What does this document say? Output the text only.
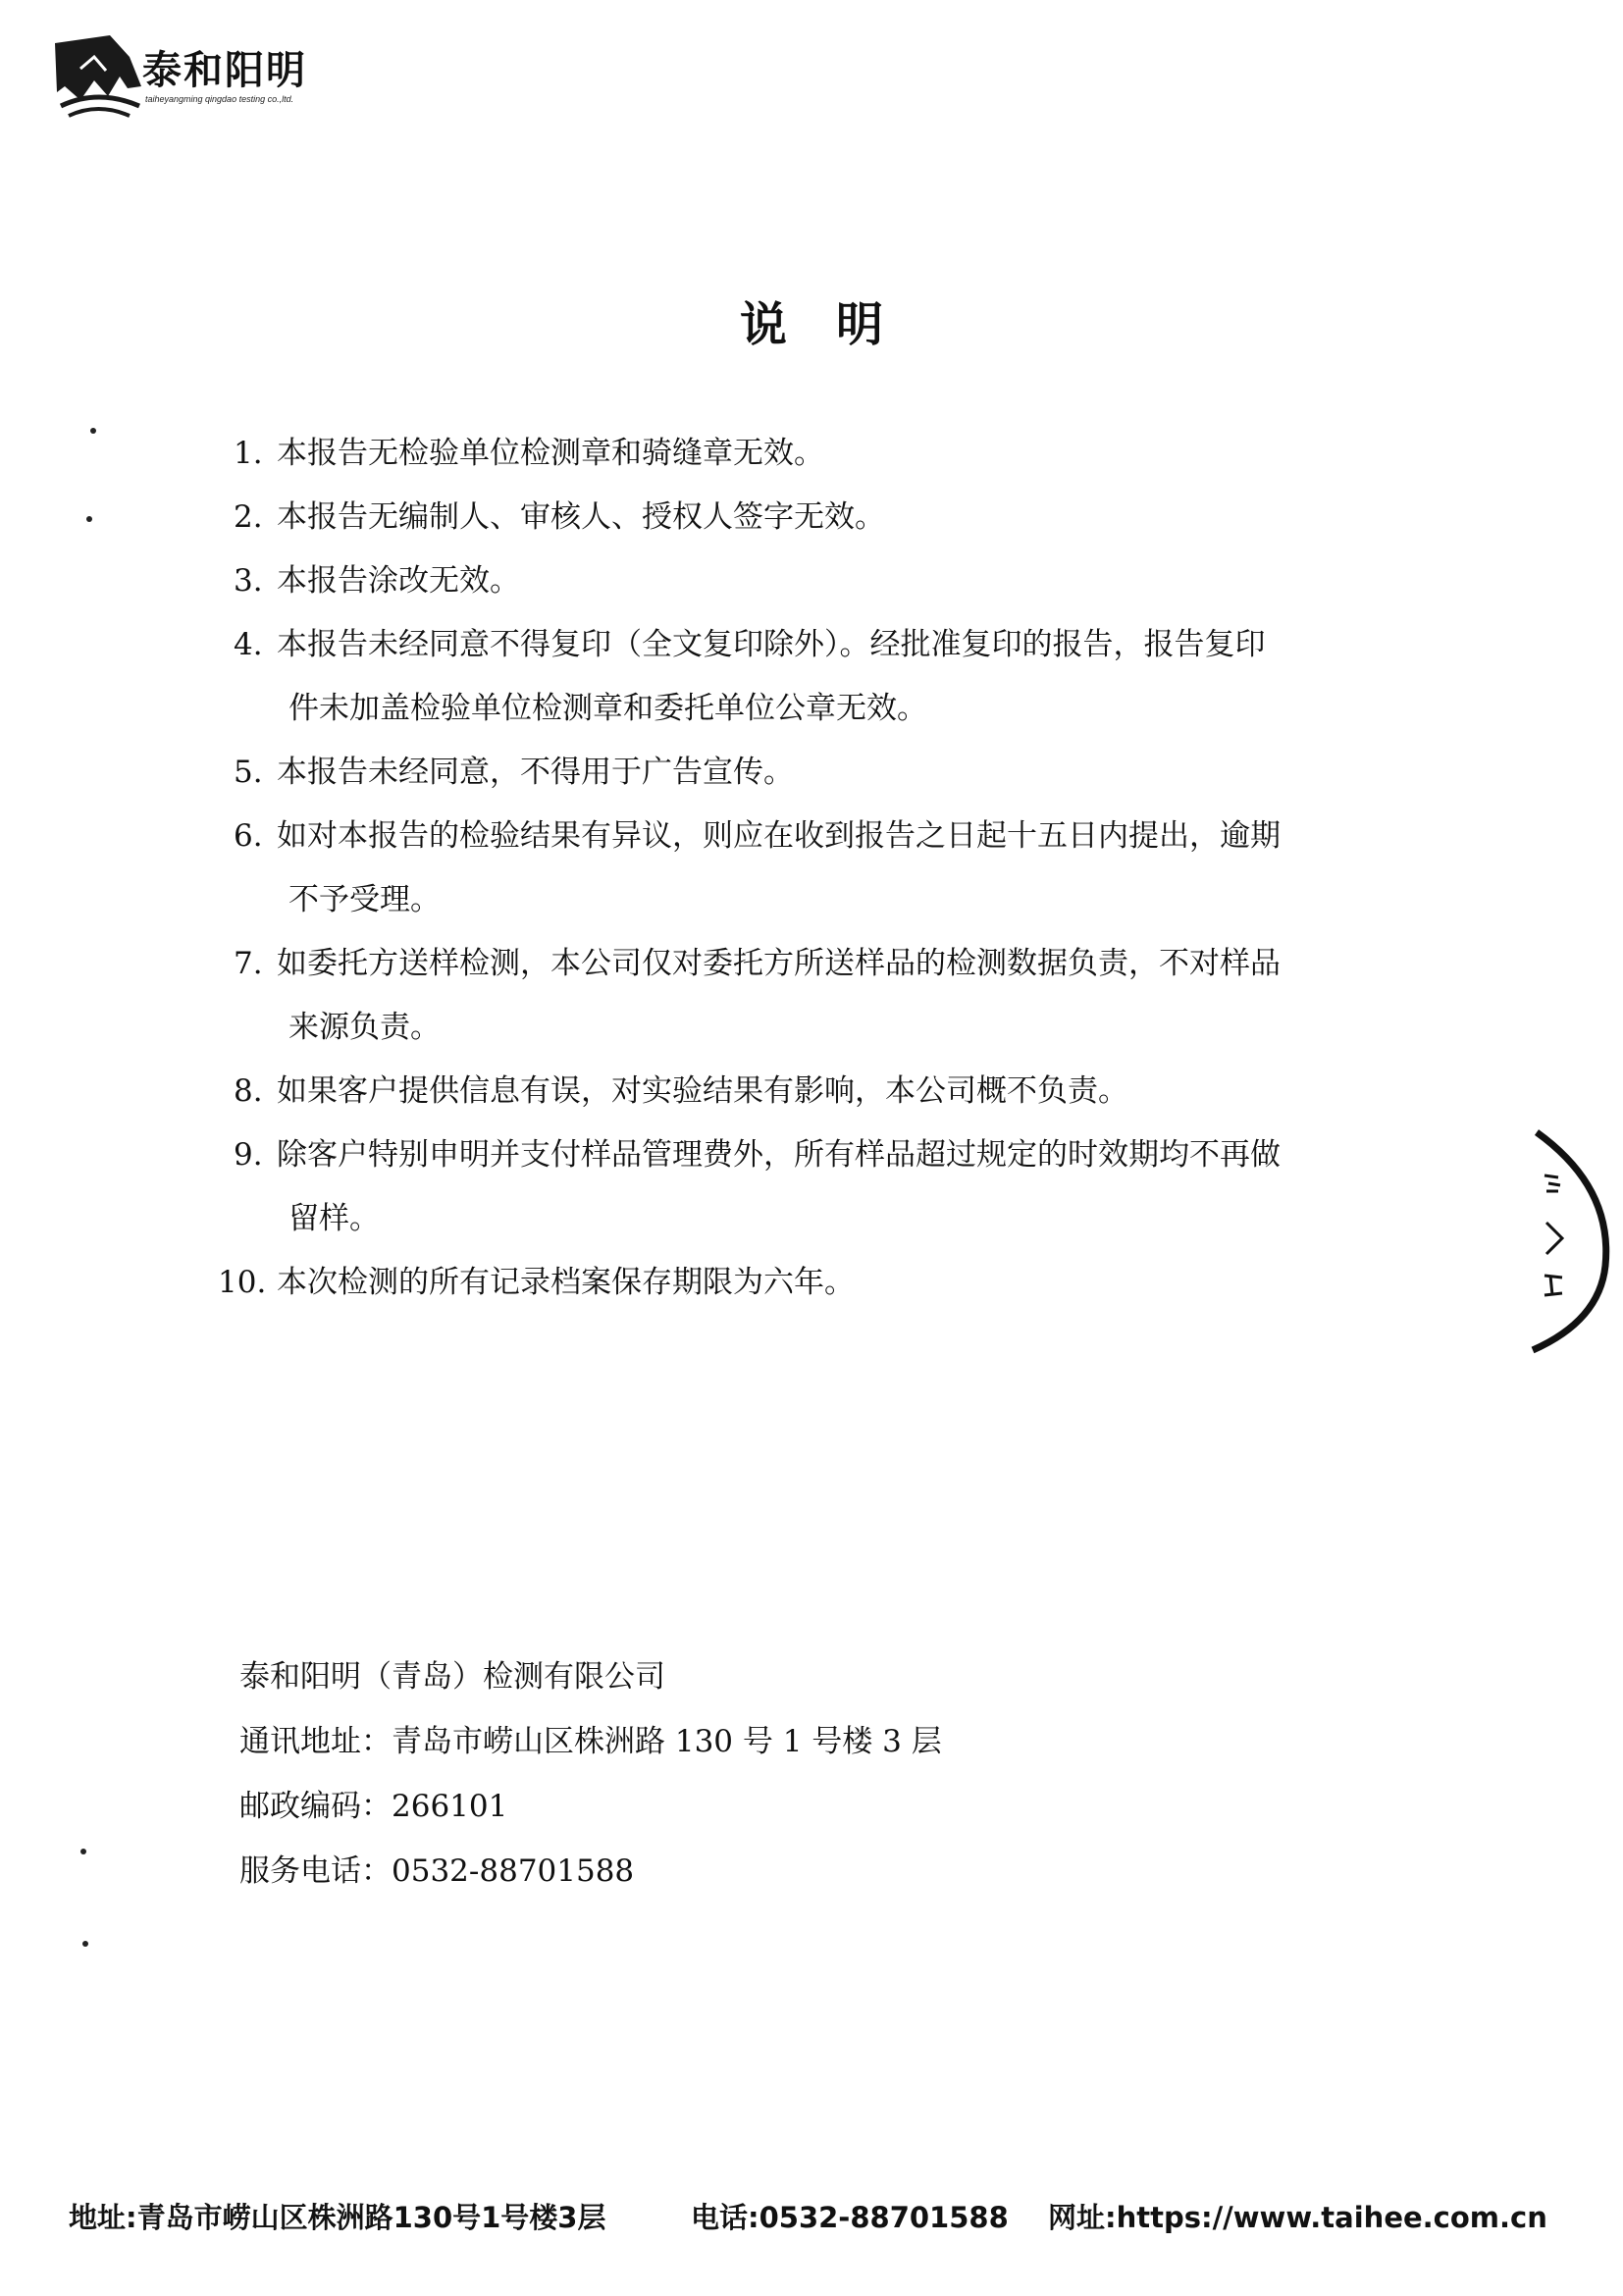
泰和阳明
taiheyangming qingdao testing co.,ltd.
说明
1. 本报告无检验单位检测章和骑缝章无效。
2. 本报告无编制人、审核人、授权人签字无效。
3. 本报告涂改无效。
4. 本报告未经同意不得复印（全文复印除外）。经批准复印的报告，报告复印
件未加盖检验单位检测章和委托单位公章无效。
5. 本报告未经同意，不得用于广告宣传。
6. 如对本报告的检验结果有异议，则应在收到报告之日起十五日内提出，逾期
不予受理。
7. 如委托方送样检测，本公司仅对委托方所送样品的检测数据负责，不对样品
来源负责。
8. 如果客户提供信息有误，对实验结果有影响，本公司概不负责。
9. 除客户特别申明并支付样品管理费外，所有样品超过规定的时效期均不再做
留样。
10. 本次检测的所有记录档案保存期限为六年。
泰和阳明（青岛）检测有限公司
通讯地址：青岛市崂山区株洲路 130 号 1 号楼 3 层
邮政编码：266101
服务电话：0532-88701588
地址:青岛市崂山区株洲路130号1号楼3层	电话:0532-88701588 网址:https://www.taihee.com.cn
